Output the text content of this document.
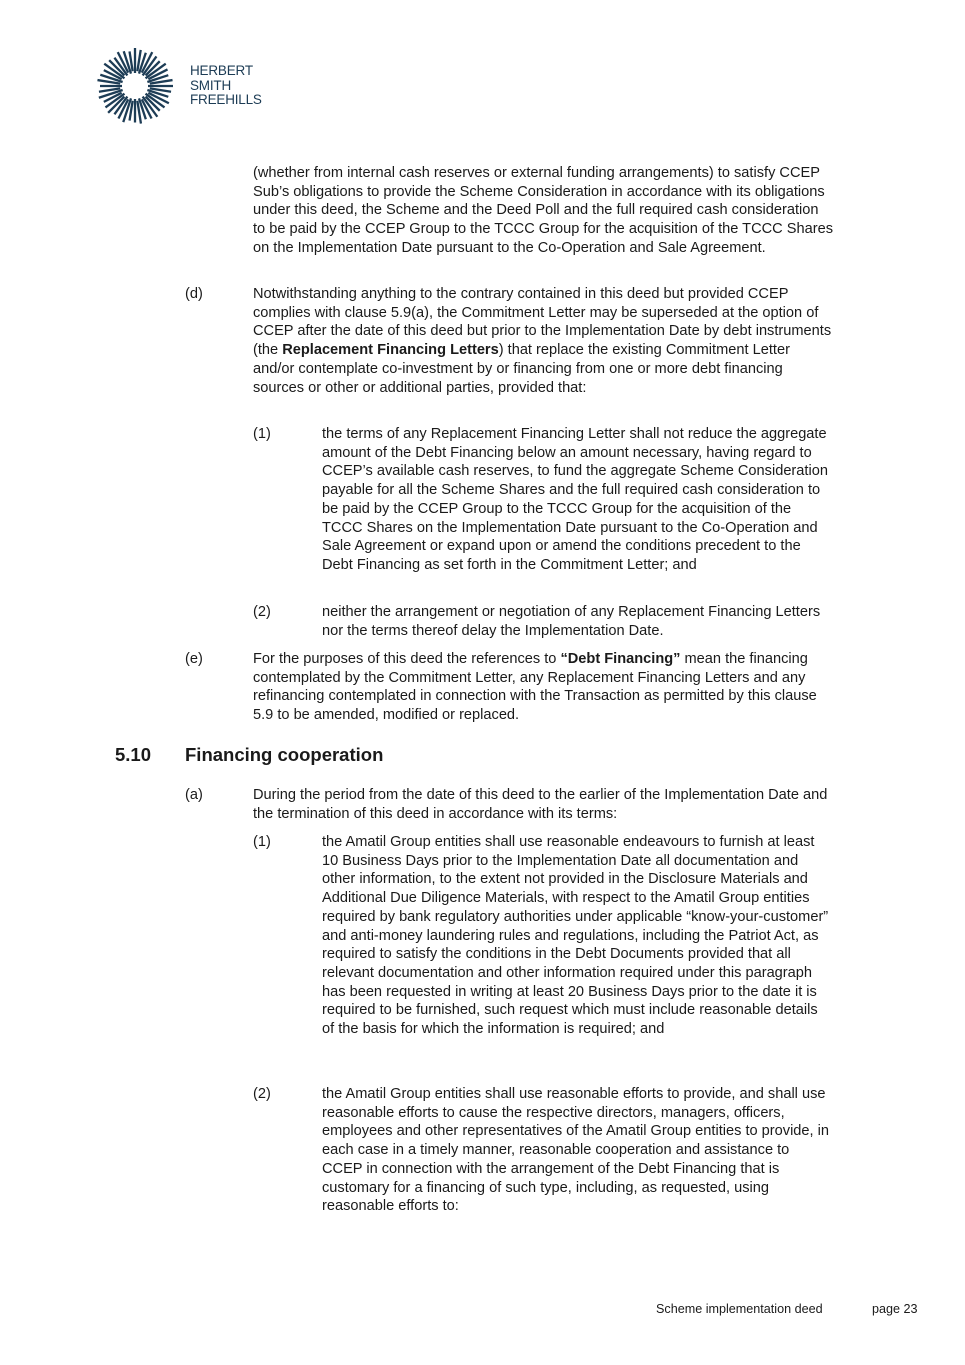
HERBERT
SMITH
FREEHILLS
(whether from internal cash reserves or external funding arrangements) to satisfy CCEP Sub’s obligations to provide the Scheme Consideration in accordance with its obligations under this deed, the Scheme and the Deed Poll and the full required cash consideration to be paid by the CCEP Group to the TCCC Group for the acquisition of the TCCC Shares on the Implementation Date pursuant to the Co-Operation and Sale Agreement.
(d)	Notwithstanding anything to the contrary contained in this deed but provided CCEP complies with clause 5.9(a), the Commitment Letter may be superseded at the option of CCEP after the date of this deed but prior to the Implementation Date by debt instruments (the Replacement Financing Letters) that replace the existing Commitment Letter and/or contemplate co-investment by or financing from one or more debt financing sources or other or additional parties, provided that:
(1)	the terms of any Replacement Financing Letter shall not reduce the aggregate amount of the Debt Financing below an amount necessary, having regard to CCEP’s available cash reserves, to fund the aggregate Scheme Consideration payable for all the Scheme Shares and the full required cash consideration to be paid by the CCEP Group to the TCCC Group for the acquisition of the TCCC Shares on the Implementation Date pursuant to the Co-Operation and Sale Agreement or expand upon or amend the conditions precedent to the Debt Financing as set forth in the Commitment Letter; and
(2)	neither the arrangement or negotiation of any Replacement Financing Letters nor the terms thereof delay the Implementation Date.
(e)	For the purposes of this deed the references to “Debt Financing” mean the financing contemplated by the Commitment Letter, any Replacement Financing Letters and any refinancing contemplated in connection with the Transaction as permitted by this clause 5.9 to be amended, modified or replaced.
5.10 Financing cooperation
(a)	During the period from the date of this deed to the earlier of the Implementation Date and the termination of this deed in accordance with its terms:
(1)	the Amatil Group entities shall use reasonable endeavours to furnish at least 10 Business Days prior to the Implementation Date all documentation and other information, to the extent not provided in the Disclosure Materials and Additional Due Diligence Materials, with respect to the Amatil Group entities required by bank regulatory authorities under applicable “know-your-customer” and anti-money laundering rules and regulations, including the Patriot Act, as required to satisfy the conditions in the Debt Documents provided that all relevant documentation and other information required under this paragraph has been requested in writing at least 20 Business Days prior to the date it is required to be furnished, such request which must include reasonable details of the basis for which the information is required; and
(2)	the Amatil Group entities shall use reasonable efforts to provide, and shall use reasonable efforts to cause the respective directors, managers, officers, employees and other representatives of the Amatil Group entities to provide, in each case in a timely manner, reasonable cooperation and assistance to CCEP in connection with the arrangement of the Debt Financing that is customary for a financing of such type, including, as requested, using reasonable efforts to:
Scheme implementation deed	page 23
